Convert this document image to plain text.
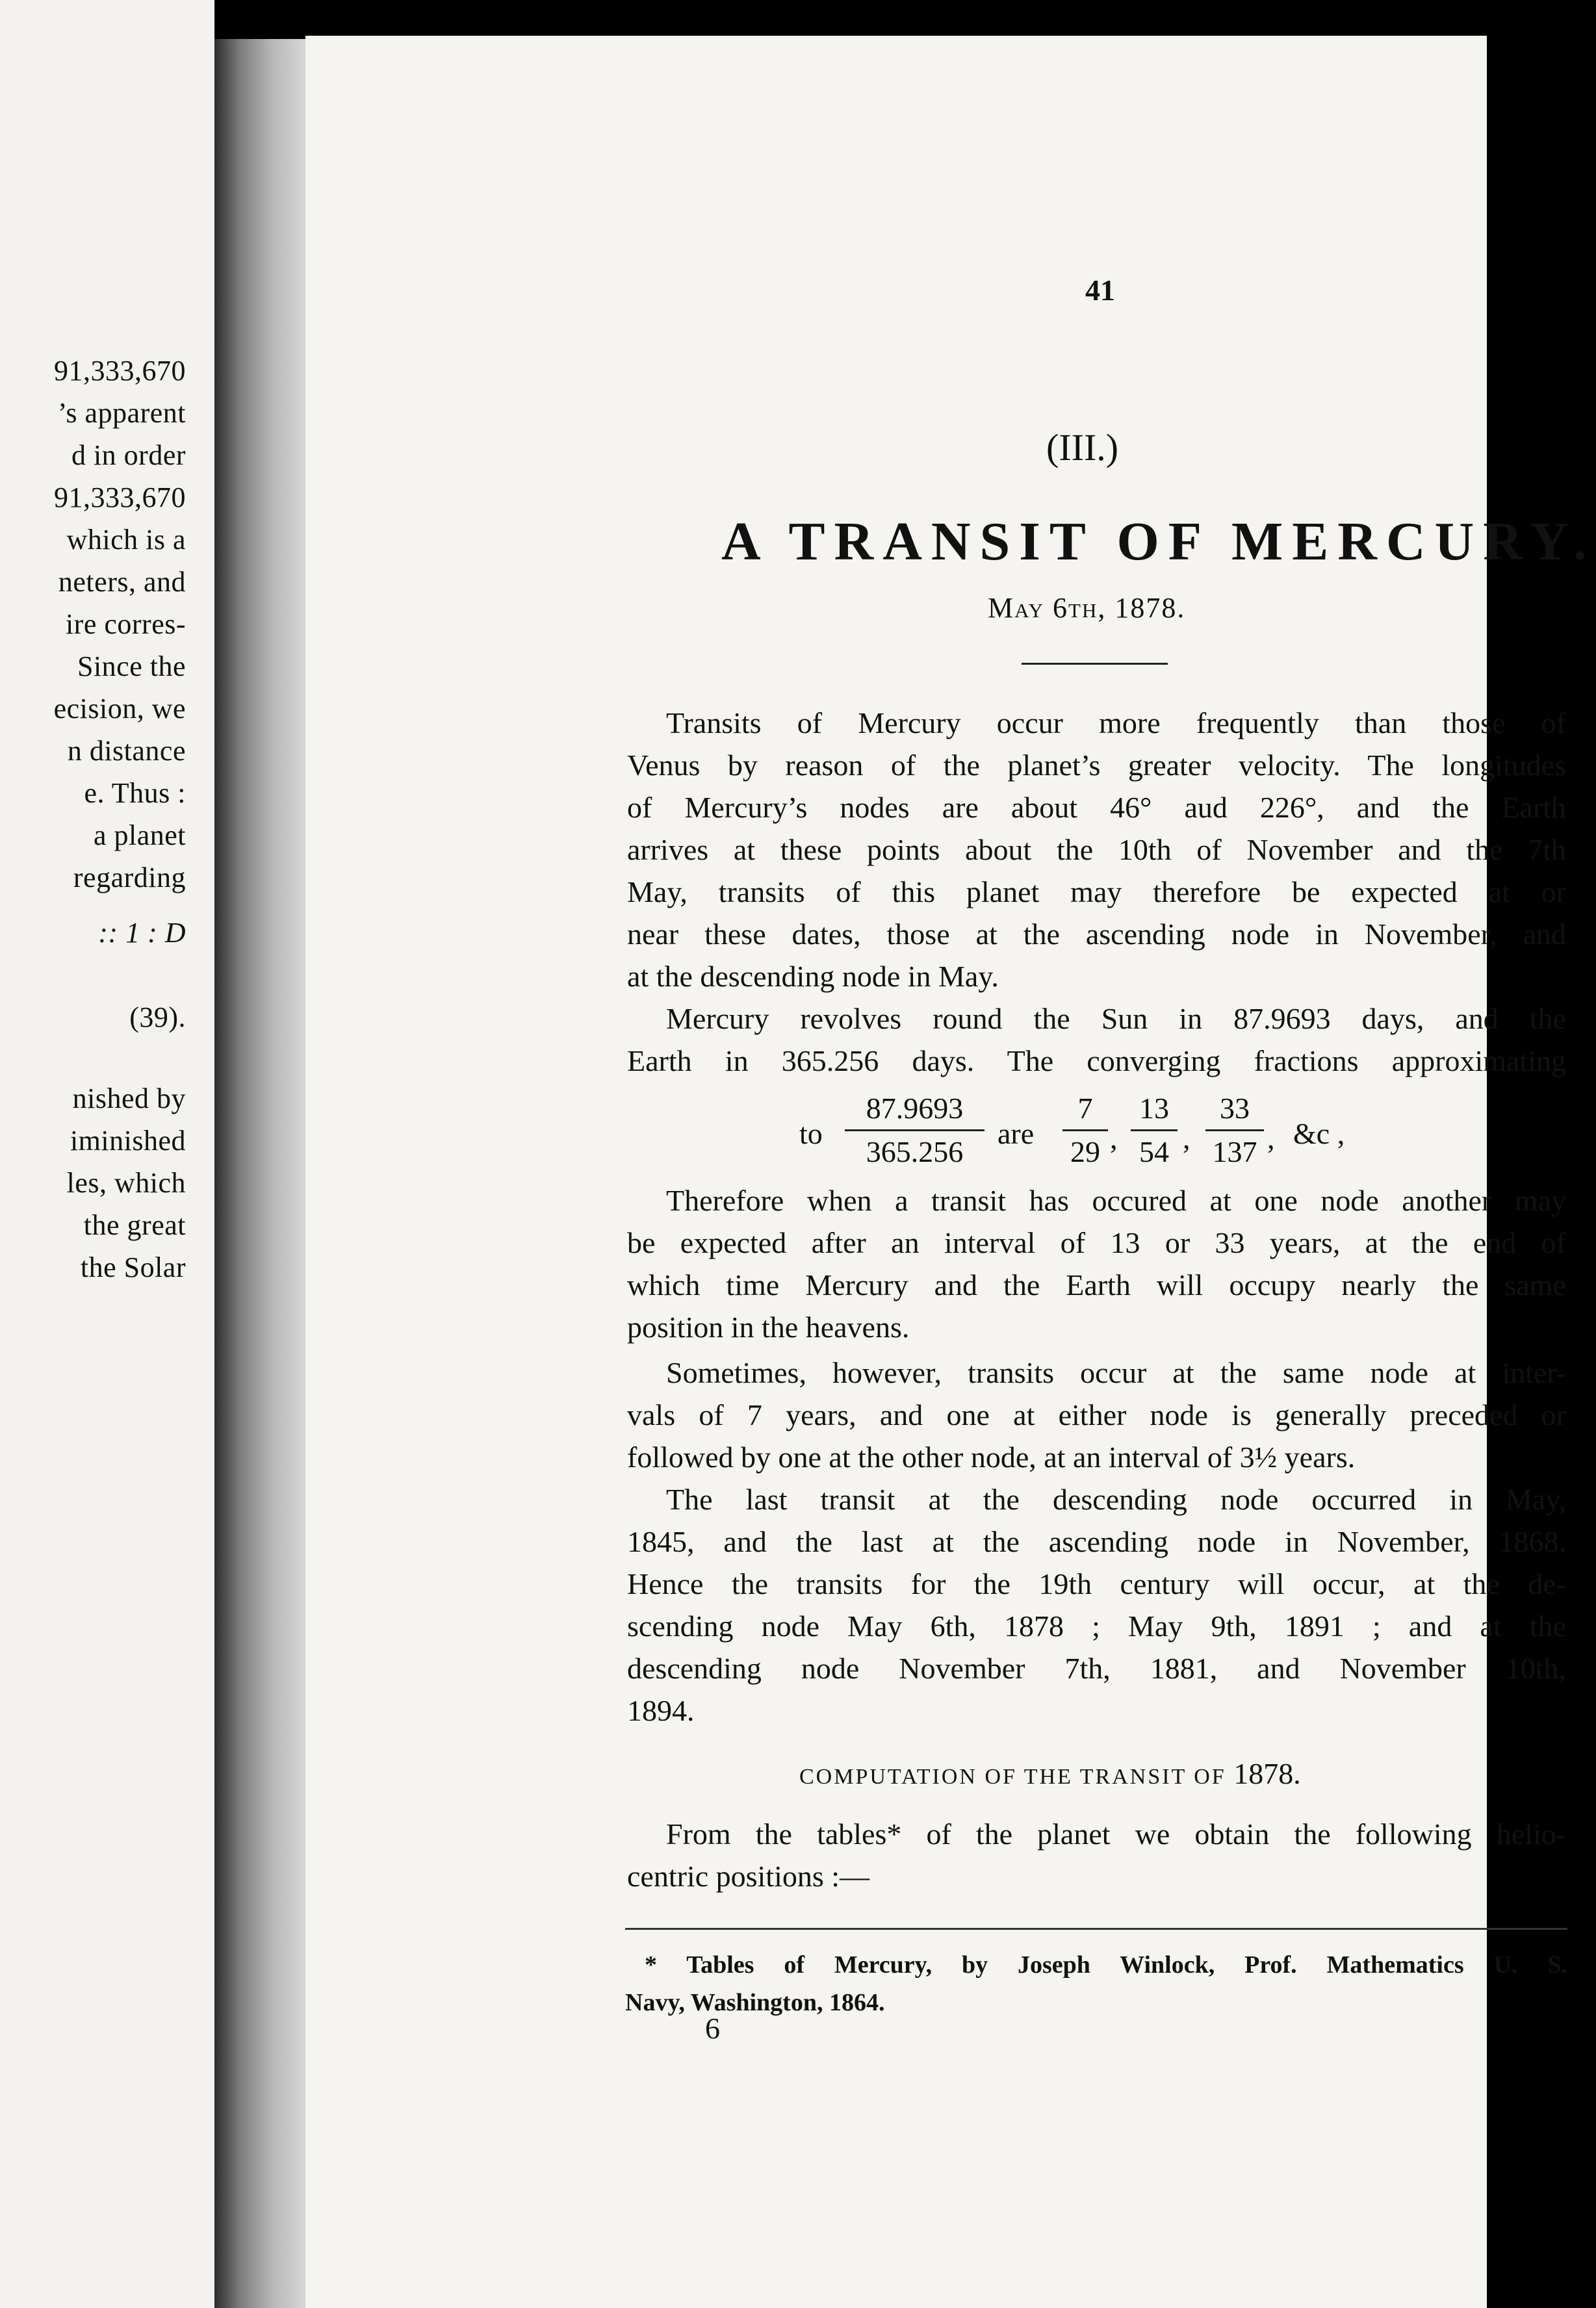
91,333,670
’s apparent
d in order
91,333,670
which is a
neters, and
ire corres-
Since the
ecision, we
n distance
e. Thus :
a planet
regarding
:: 1 : D
(39).
nished by
iminished
les, which
the great
the Solar
41
(III.)
A TRANSIT OF MERCURY.
May 6th, 1878.
Transits of Mercury occur more frequently than those of
Venus by reason of the planet’s greater velocity. The longitudes
of Mercury’s nodes are about 46° aud 226°, and the Earth
arrives at these points about the 10th of November and the 7th
May, transits of this planet may therefore be expected at or
near these dates, those at the ascending node in November, and
at the descending node in May.
Mercury revolves round the Sun in 87.9693 days, and the
Earth in 365.256 days. The converging fractions approximating
to
87.9693
365.256
are
7
29 ,
13
54 ,
33
137 , &c ,
Therefore when a transit has occured at one node another may
be expected after an interval of 13 or 33 years, at the end of
which time Mercury and the Earth will occupy nearly the same
position in the heavens.
Sometimes, however, transits occur at the same node at inter-
vals of 7 years, and one at either node is generally preceded or
followed by one at the other node, at an interval of 3½ years.
The last transit at the descending node occurred in May,
1845, and the last at the ascending node in November, 1868.
Hence the transits for the 19th century will occur, at the de-
scending node May 6th, 1878 ; May 9th, 1891 ; and at the
descending node November 7th, 1881, and November 10th,
1894.
COMPUTATION OF THE TRANSIT OF 1878.
From the tables* of the planet we obtain the following helio-
centric positions :—
* Tables of Mercury, by Joseph Winlock, Prof. Mathematics U. S.
Navy, Washington, 1864.
6
